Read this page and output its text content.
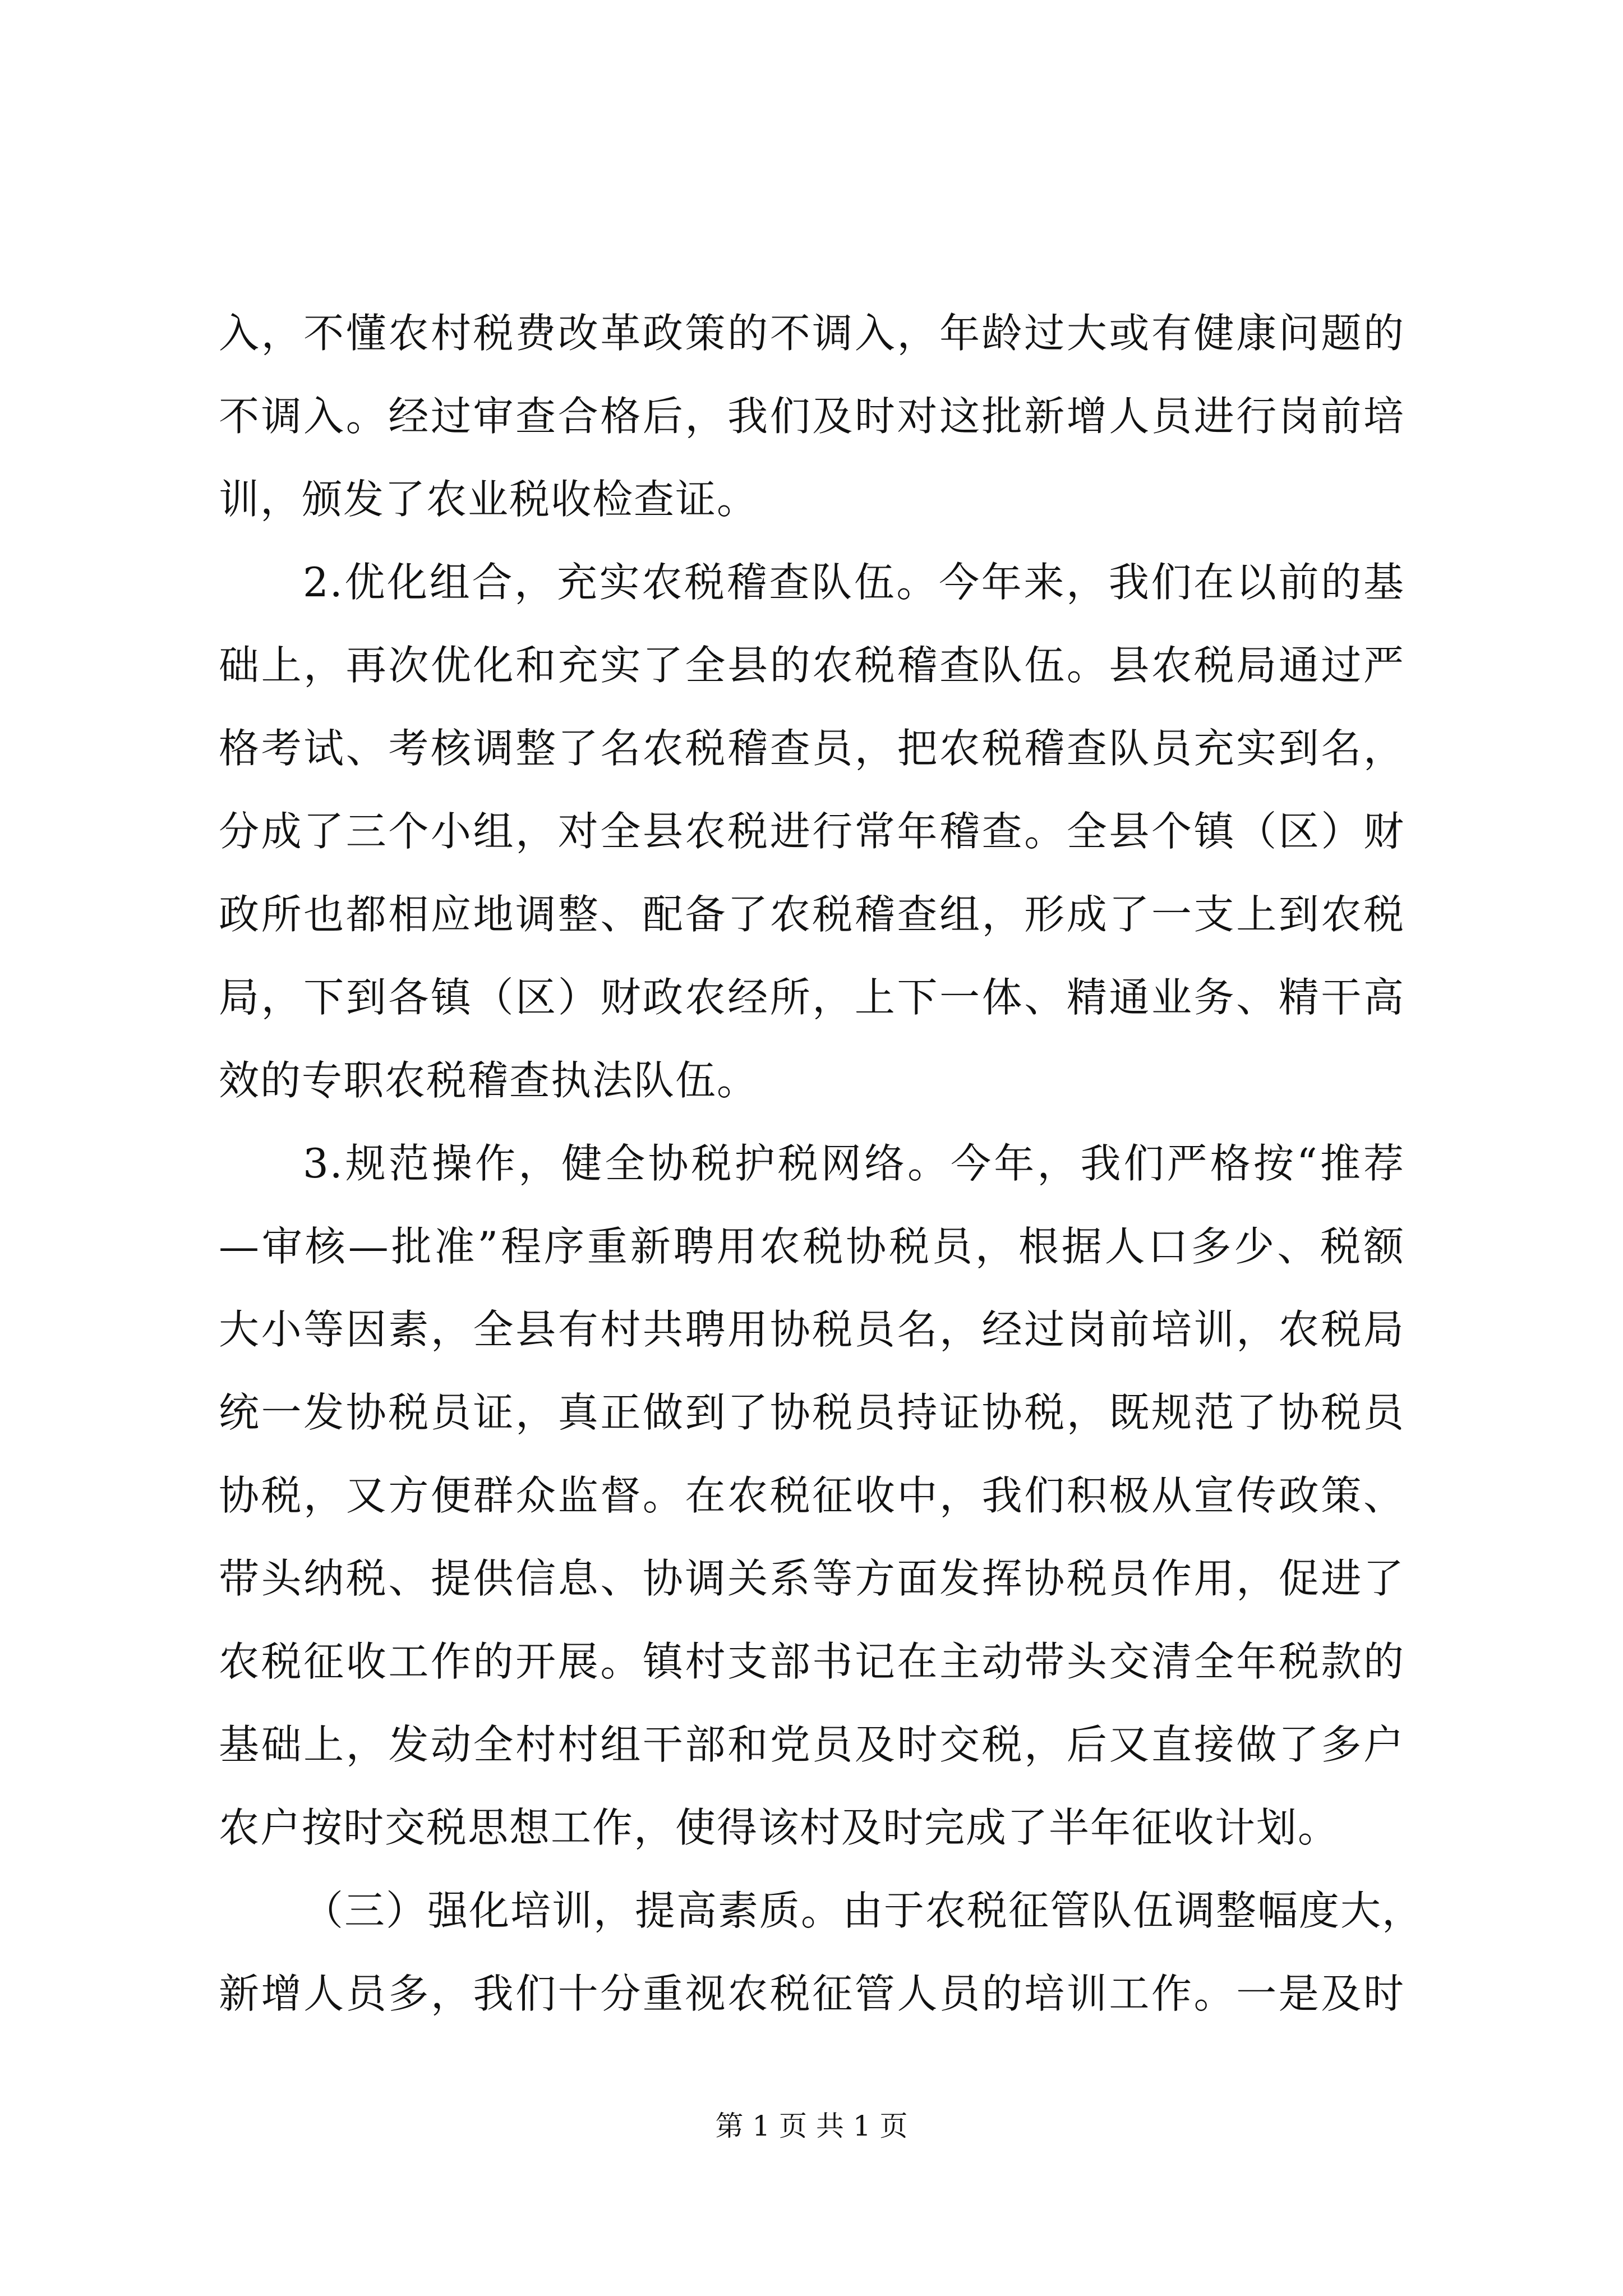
入，不懂农村税费改革政策的不调入，年龄过大或有健康问题的
不调入。经过审查合格后，我们及时对这批新增人员进行岗前培
训，颁发了农业税收检查证。
2.优化组合，充实农税稽查队伍。今年来，我们在以前的基
础上，再次优化和充实了全县的农税稽查队伍。县农税局通过严
格考试、考核调整了名农税稽查员，把农税稽查队员充实到名，
分成了三个小组，对全县农税进行常年稽查。全县个镇（区）财
政所也都相应地调整、配备了农税稽查组，形成了一支上到农税
局，下到各镇（区）财政农经所，上下一体、精通业务、精干高
效的专职农税稽查执法队伍。
3.规范操作，健全协税护税网络。今年，我们严格按“推荐
—审核—批准”程序重新聘用农税协税员，根据人口多少、税额
大小等因素，全县有村共聘用协税员名，经过岗前培训，农税局
统一发协税员证，真正做到了协税员持证协税，既规范了协税员
协税，又方便群众监督。在农税征收中，我们积极从宣传政策、
带头纳税、提供信息、协调关系等方面发挥协税员作用，促进了
农税征收工作的开展。镇村支部书记在主动带头交清全年税款的
基础上，发动全村村组干部和党员及时交税，后又直接做了多户
农户按时交税思想工作，使得该村及时完成了半年征收计划。
（三）强化培训，提高素质。由于农税征管队伍调整幅度大，
新增人员多，我们十分重视农税征管人员的培训工作。一是及时
第 1 页 共 1 页
